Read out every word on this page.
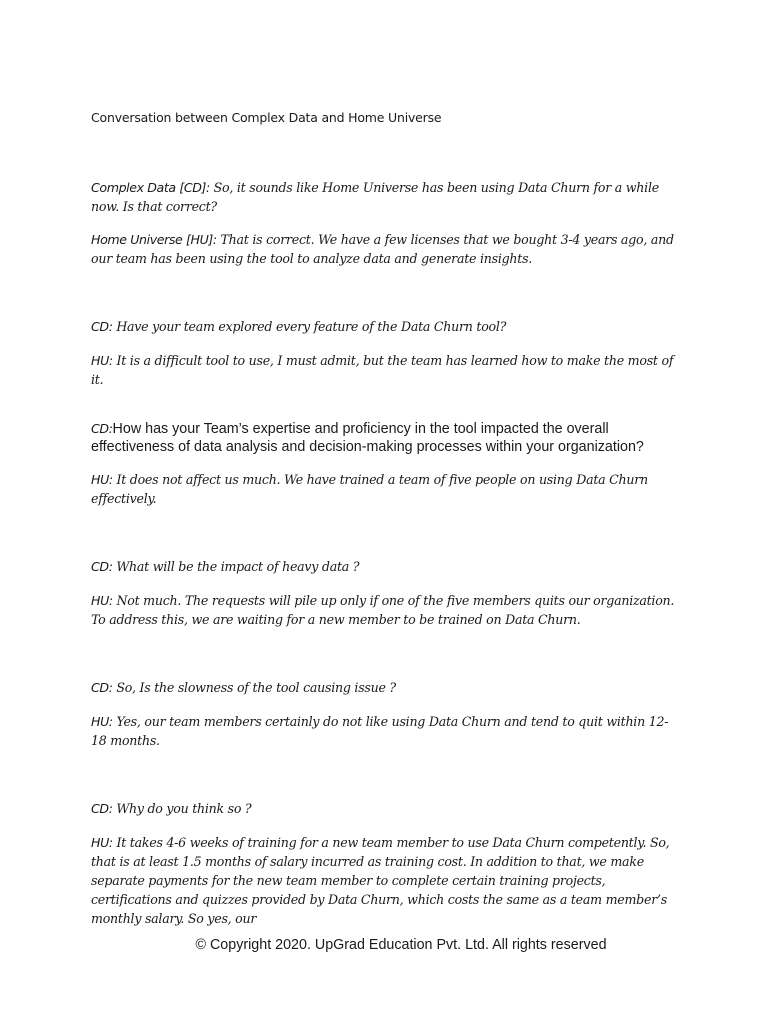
Conversation between Complex Data and Home Universe

Complex Data [CD]: So, it sounds like Home Universe has been using Data Churn for a while now. Is that correct?

Home Universe [HU]: That is correct. We have a few licenses that we bought 3-4 years ago, and our team has been using the tool to analyze data and generate insights.

CD: Have your team explored every feature of the Data Churn tool?

HU: It is a difficult tool to use, I must admit, but the team has learned how to make the most of it.

CD:How has your Team’s expertise and proficiency in the tool impacted the overall effectiveness of data analysis and decision-making processes within your organization?

HU: It does not affect us much. We have trained a team of five people on using Data Churn effectively.

CD: What will be the impact of heavy data ?

HU: Not much. The requests will pile up only if one of the five members quits our organization. To address this, we are waiting for a new member to be trained on Data Churn.

CD: So, Is the slowness of the tool causing issue ?

HU: Yes, our team members certainly do not like using Data Churn and tend to quit within 12-18 months.

CD: Why do you think so ?

HU: It takes 4-6 weeks of training for a new team member to use Data Churn competently. So, that is at least 1.5 months of salary incurred as training cost. In addition to that, we make separate payments for the new team member to complete certain training projects, certifications and quizzes provided by Data Churn, which costs the same as a team member’s monthly salary. So yes, our

© Copyright 2020. UpGrad Education Pvt. Ltd. All rights reserved
